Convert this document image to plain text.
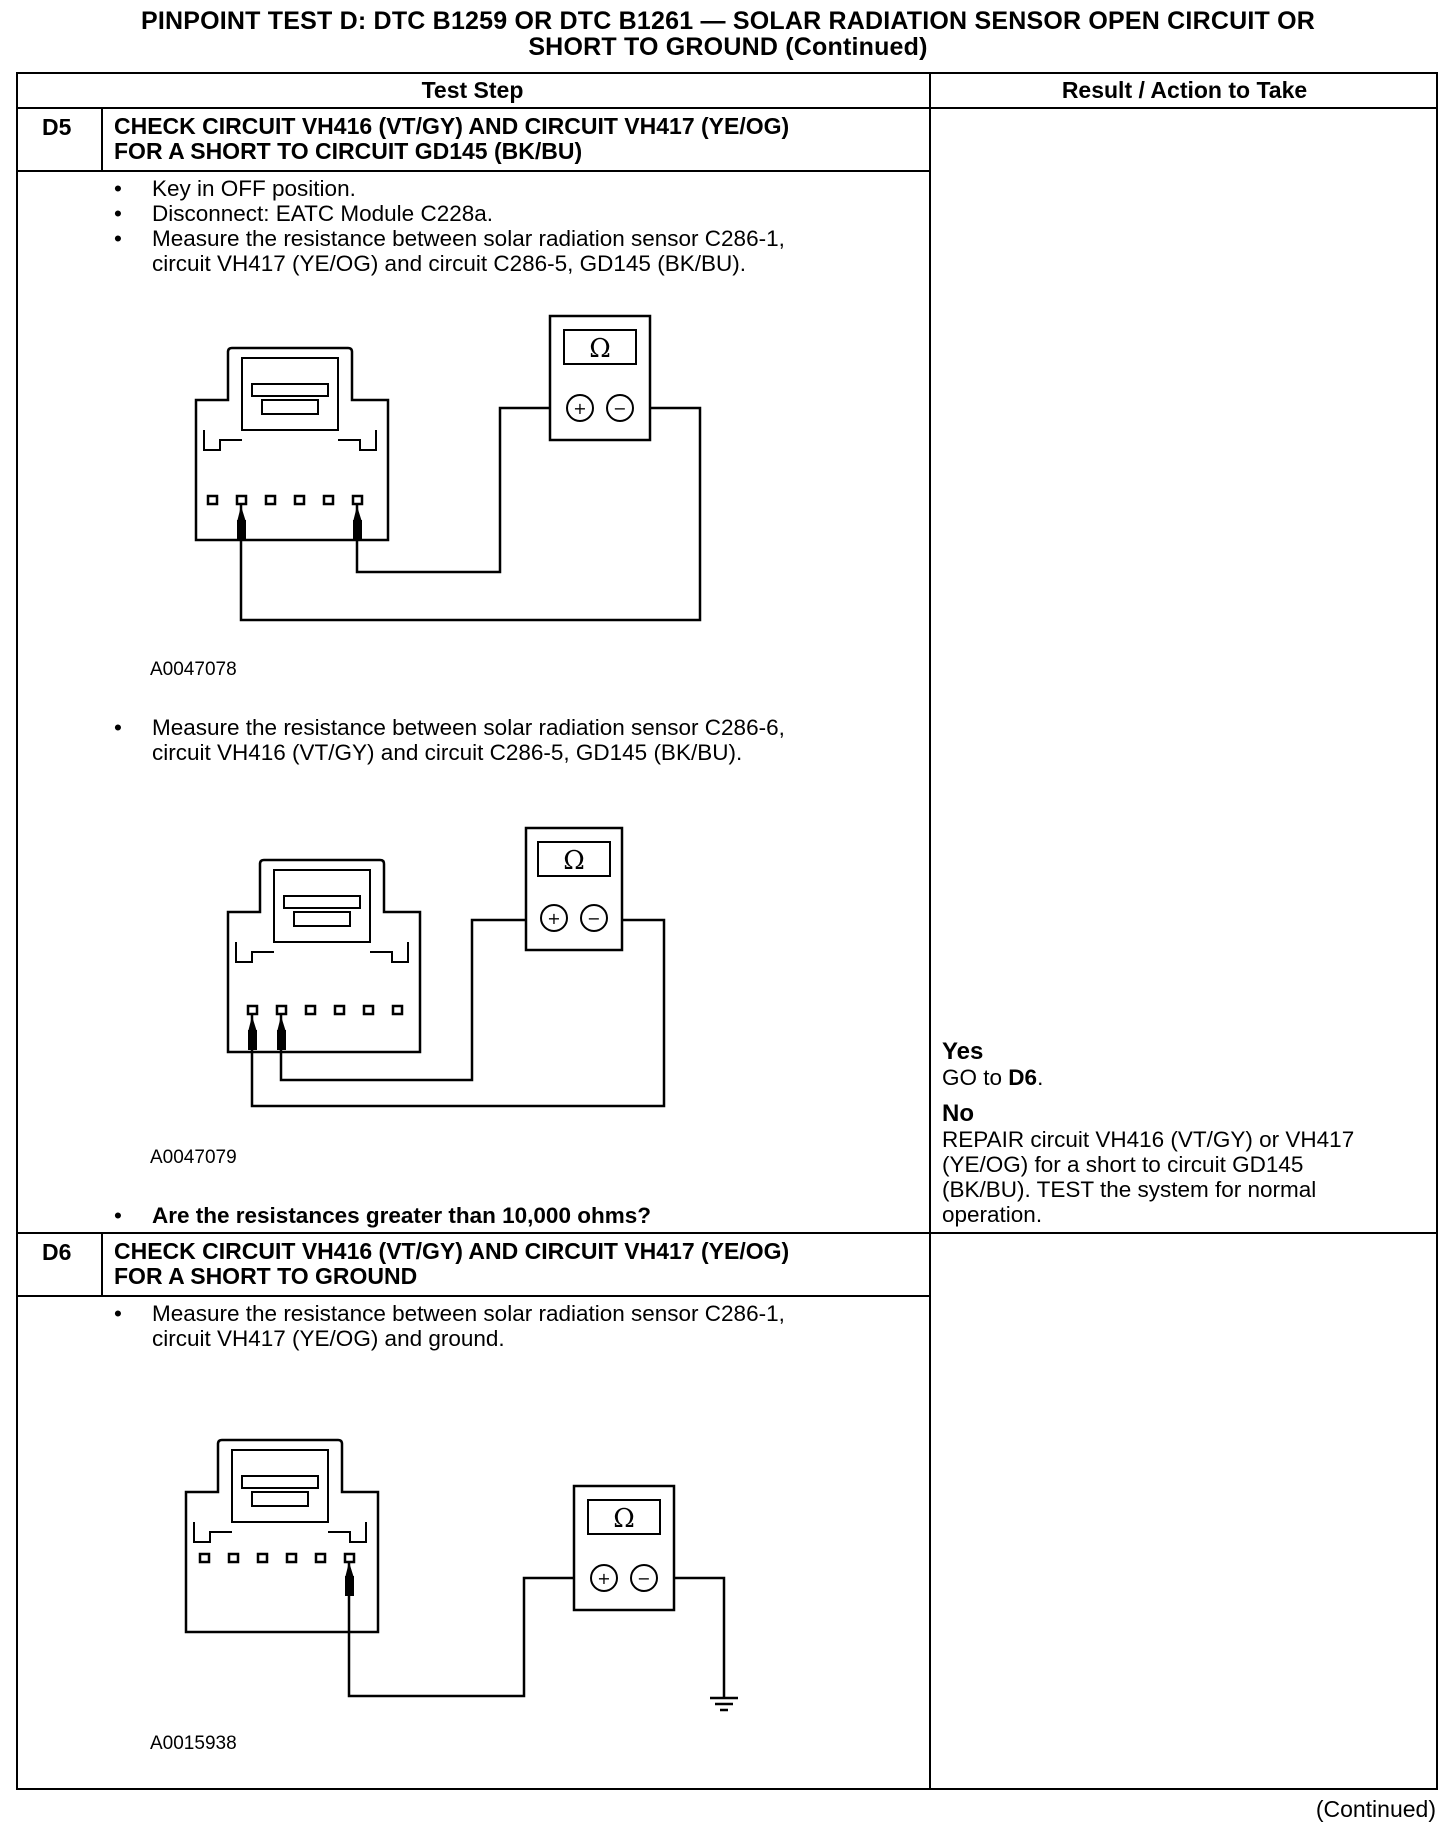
PINPOINT TEST D: DTC B1259 OR DTC B1261 — SOLAR RADIATION SENSOR OPEN CIRCUIT OR
SHORT TO GROUND (Continued)
Test Step	Result / Action to Take
D5 CHECK CIRCUIT VH416 (VT/GY) AND CIRCUIT VH417 (YE/OG)
FOR A SHORT TO CIRCUIT GD145 (BK/BU)
• Key in OFF position.
• Disconnect: EATC Module C228a.
• Measure the resistance between solar radiation sensor C286-1,
circuit VH417 (YE/OG) and circuit C286-5, GD145 (BK/BU).
Ω
+ −
A0047078
• Measure the resistance between solar radiation sensor C286-6,
circuit VH416 (VT/GY) and circuit C286-5, GD145 (BK/BU).
Ω
+ −
A0047079
• Are the resistances greater than 10,000 ohms?
Yes
GO to D6.
No
REPAIR circuit VH416 (VT/GY) or VH417
(YE/OG) for a short to circuit GD145
(BK/BU). TEST the system for normal
operation.
D6 CHECK CIRCUIT VH416 (VT/GY) AND CIRCUIT VH417 (YE/OG)
FOR A SHORT TO GROUND
• Measure the resistance between solar radiation sensor C286-1,
circuit VH417 (YE/OG) and ground.
Ω
+ −
A0015938
(Continued)
